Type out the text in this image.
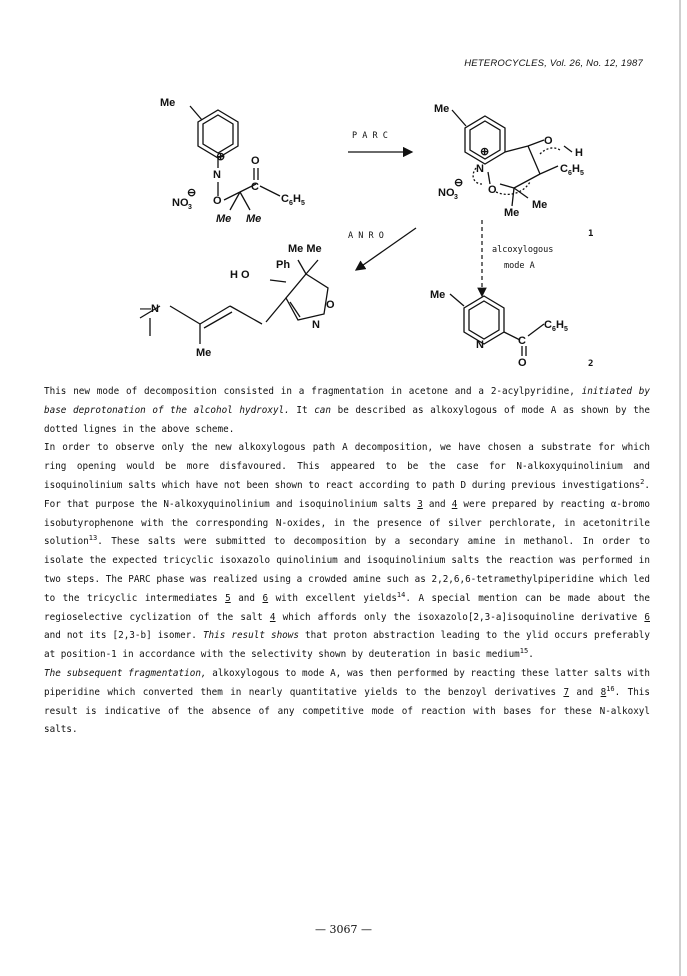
HETEROCYCLES, Vol. 26, No. 12, 1987
Me
N
⊕
O
O
C
C 6 H 5
NO 3
⊖
Me Me
P A R C
Me
N
⊕
O
O
H
C 6 H 5
Me
Me
NO 3
⊖
1
alcoxylogous
mode A
A N R O
Me Me
Ph
H O
O
N
—N
Me
Me
N	C
O
C 6 H 5
2

This new mode of decomposition consisted in a fragmentation in acetone and a 2-acylpyridine, initiated by base deprotonation of the alcohol hydroxyl. It can be described as alkoxylogous of mode A as shown by the dotted lignes in the above scheme.

In order to observe only the new alkoxylogous path A decomposition, we have chosen a substrate for which ring opening would be more disfavoured. This appeared to be the case for N-alkoxyquinolinium and isoquinolinium salts which have not been shown to react according to path D during previous investigations$^2$. For that purpose the N-alkoxyquinolinium and isoquinolinium salts 3 and 4 were prepared by reacting α-bromo isobutyrophenone with the corresponding N-oxides, in the presence of silver perchlorate, in acetonitrile solution$^{13}$. These salts were submitted to decomposition by a secondary amine in methanol. In order to isolate the expected tricyclic isoxazolo quinolinium and isoquinolinium salts the reaction was performed in two steps. The PARC phase was realized using a crowded amine such as 2,2,6,6-tetramethylpiperidine which led to the tricyclic intermediates 5 and 6 with excellent yields$^{14}$. A special mention can be made about the regioselective cyclization of the salt 4 which affords only the isoxazolo[2,3-a]isoquinoline derivative 6 and not its [2,3-b] isomer. This result shows that proton abstraction leading to the ylid occurs preferably at position-1 in accordance with the selectivity shown by deuteration in basic medium$^{15}$.

The subsequent fragmentation, alkoxylogous to mode A, was then performed by reacting these latter salts with piperidine which converted them in nearly quantitative yields to the benzoyl derivatives 7 and $8^{16}$. This result is indicative of the absence of any competitive mode of reaction with bases for these N-alkoxyl salts.

— 3067 —
